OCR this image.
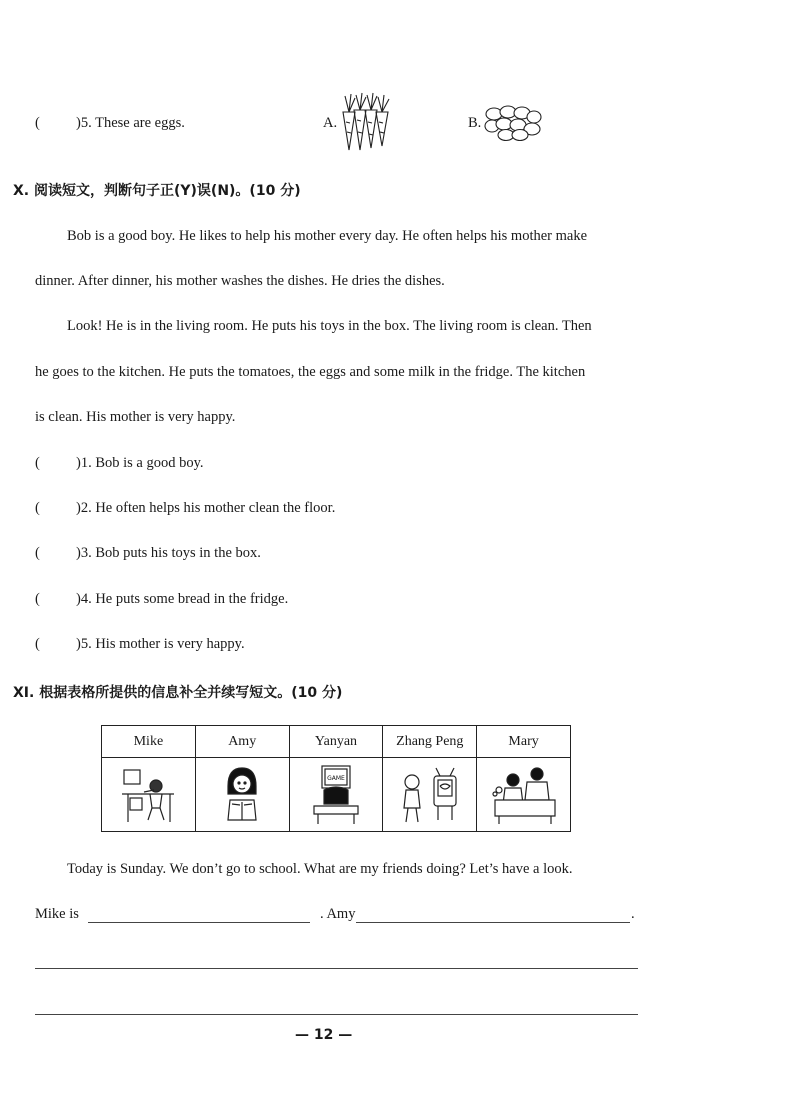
( )5. These are eggs.	A.	B.
X. 阅读短文，判断句子正(Y)误(N)。(10 分)
Bob is a good boy. He likes to help his mother every day. He often helps his mother make
dinner. After dinner, his mother washes the dishes. He dries the dishes.
Look! He is in the living room. He puts his toys in the box. The living room is clean. Then
he goes to the kitchen. He puts the tomatoes, the eggs and some milk in the fridge. The kitchen
is clean. His mother is very happy.
( )1. Bob is a good boy.
( )2. He often helps his mother clean the floor.
( )3. Bob puts his toys in the box.
( )4. He puts some bread in the fridge.
( )5. His mother is very happy.
XI. 根据表格所提供的信息补全并续写短文。(10 分)
Mike	Amy	Yanyan	Zhang Peng	Mary

GAME

Today is Sunday. We don’t go to school. What are my friends doing? Let’s have a look.
Mike is	. Amy	.
— 12 —
